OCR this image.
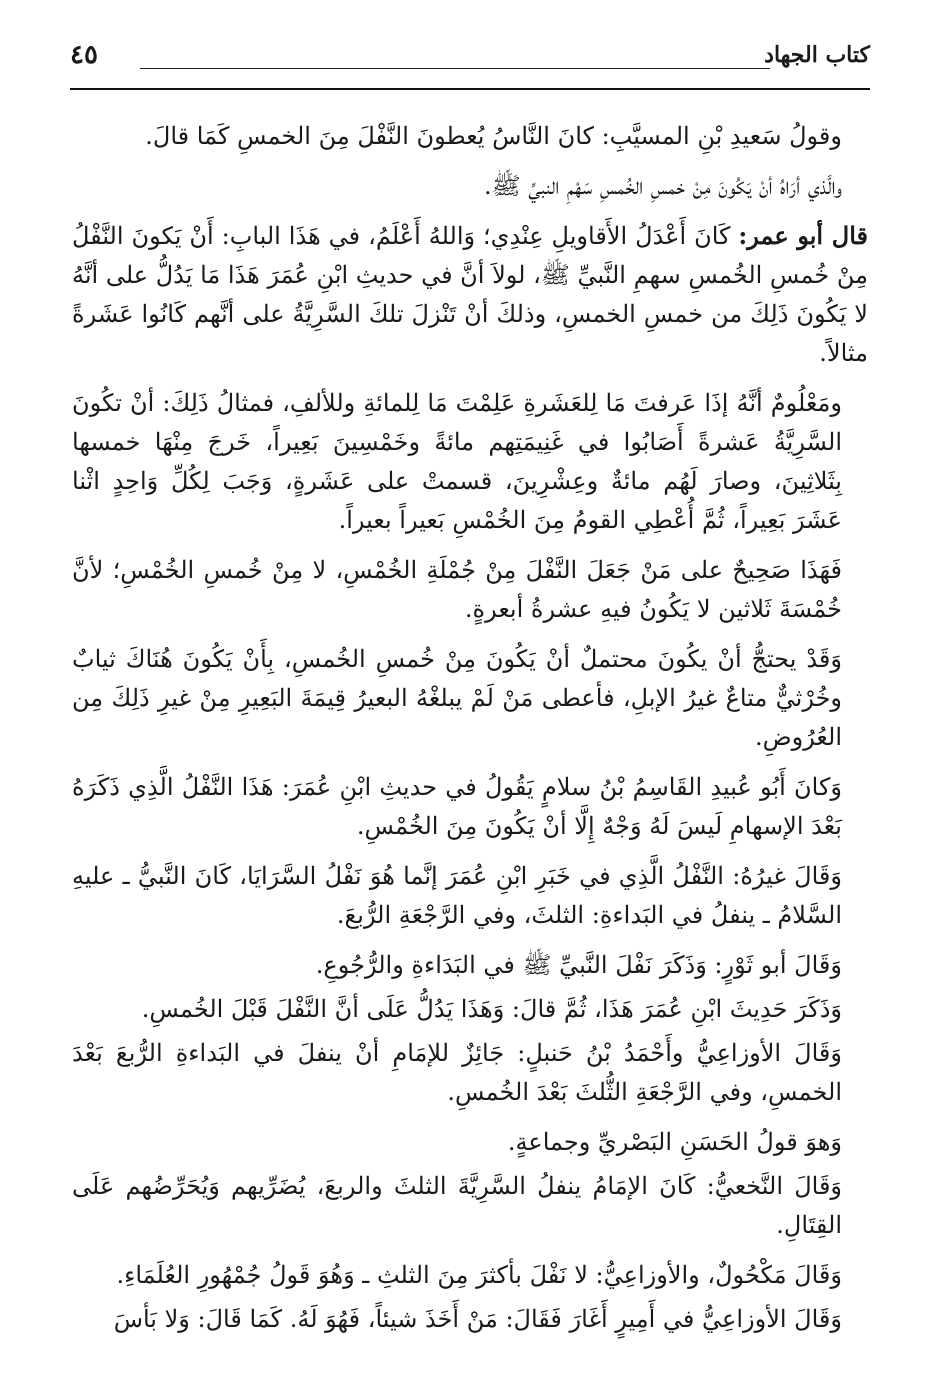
كتاب الجهاد
٤٥

وقولُ سَعيدِ بْنِ المسيَّبِ: كانَ النَّاسُ يُعطونَ النَّفْلَ مِنَ الخمسِ كَمَا قالَ.

والَّذي أرَاهُ أنْ يَكُونَ مِنْ خمسِ الخُمسِ سَهْمِ النبيِّ ﷺ.

قال أبو عمر: كَانَ أَعْدَلُ الأَقاويلِ عِنْدِي؛ وَاللهُ أَعْلَمُ، في هَذَا البابِ: أَنْ يَكونَ النَّفْلُ مِنْ خُمسِ الخُمسِ سهمِ النَّبيِّ ﷺ، لولاَ أنَّ في حديثِ ابْنِ عُمَرَ هَذَا مَا يَدُلُّ على أنَّهُ لا يَكُونَ ذَلِكَ من خمسِ الخمسِ، وذلكَ أنْ تَنْزلَ تلكَ السَّرِيَّةُ على أنَّهم كَانُوا عَشَرةً مثالاً.

ومَعْلُومٌ أنَّهُ إذَا عَرفتَ مَا لِلعَشَرةِ عَلِمْتَ مَا لِلمائةِ وللألفِ، فمثالُ ذَلِكَ: أنْ تكُونَ السَّرِيَّةُ عَشرةً أَصَابُوا في غَنِيمَتِهم مائةً وخَمْسِينَ بَعِيراً، خَرجَ مِنْهَا خمسها بِثَلاثِينَ، وصارَ لَهُم مائةٌ وعِشْرِينَ، قسمتْ على عَشَرةٍ، وَجَبَ لِكُلِّ وَاحِدٍ اثْنا عَشَرَ بَعِيراً، ثُمَّ أُعْطِي القومُ مِنَ الخُمْسِ بَعيراً بعيراً.

فَهَذَا صَحِيحٌ على مَنْ جَعَلَ النَّفْلَ مِنْ جُمْلَةِ الخُمْسِ، لا مِنْ خُمسِ الخُمْسِ؛ لأنَّ خُمْسَةَ ثَلاثين لا يَكُونُ فيهِ عشرةُ أبعرةٍ.

وَقَدْ يحتجُّ أنْ يكُونَ محتملٌ أنْ يَكُونَ مِنْ خُمسِ الخُمسِ، بِأَنْ يَكُونَ هُنَاكَ ثيابٌ وخُرْثيٌّ متاعٌ غيرُ الإبلِ، فأعطى مَنْ لَمْ يبلغْهُ البعيرُ قِيمَةَ البَعِيرِ مِنْ غيرِ ذَلِكَ مِن العُرُوضِ.

وَكانَ أَبُو عُبيدِ القَاسِمُ بْنُ سلامٍ يَقُولُ في حديثِ ابْنِ عُمَرَ: هَذَا النَّفْلُ الَّذِي ذَكَرَهُ بَعْدَ الإسهامِ لَيسَ لَهُ وَجْهٌ إِلَّا أنْ يَكُونَ مِنَ الخُمْسِ.

وَقَالَ غيرُهُ: النَّفْلُ الَّذِي في خَبَرِ ابْنِ عُمَرَ إنَّما هُوَ نَفْلُ السَّرَايَا، كَانَ النَّبيُّ ـ عليهِ السَّلامُ ـ ينفلُ في البَداءةِ: الثلثَ، وفي الرَّجْعَةِ الرُّبعَ.

وَقَالَ أبو ثَوْرٍ: وَذَكَرَ نَفْلَ النَّبيِّ ﷺ في البَدَاءةِ والرُّجُوعِ.

وَذَكَرَ حَدِيثَ ابْنِ عُمَرَ هَذَا، ثُمَّ قالَ: وَهَذَا يَدُلُّ عَلَى أنَّ النَّفْلَ قَبْلَ الخُمسِ.

وَقَالَ الأوزاعِيُّ وأَحْمَدُ بْنُ حَنبلٍ: جَائِزٌ للإمَامِ أنْ ينفلَ في البَداءةِ الرُّبعَ بَعْدَ الخمسِ، وفي الرَّجْعَةِ الثُّلثَ بَعْدَ الخُمسِ.

وَهوَ قولُ الحَسَنِ البَصْريِّ وجماعةٍ.

وَقَالَ النَّخعيُّ: كَانَ الإمَامُ ينفلُ السَّرِيَّةَ الثلثَ والربعَ، يُضَرِّيهم وَيُحَرِّضُهم عَلَى القِتَالِ.

وَقَالَ مَكْحُولٌ، والأوزاعِيُّ: لا نَفْلَ بأكثرَ مِنَ الثلثِ ـ وَهُوَ قَولُ جُمْهُورِ العُلَمَاءِ.

وَقَالَ الأوزاعِيُّ في أَمِيرٍ أَغَارَ فَقَالَ: مَنْ أَخَذَ شيئاً، فَهُوَ لَهُ. كَمَا قَالَ: وَلا بَأسَ
